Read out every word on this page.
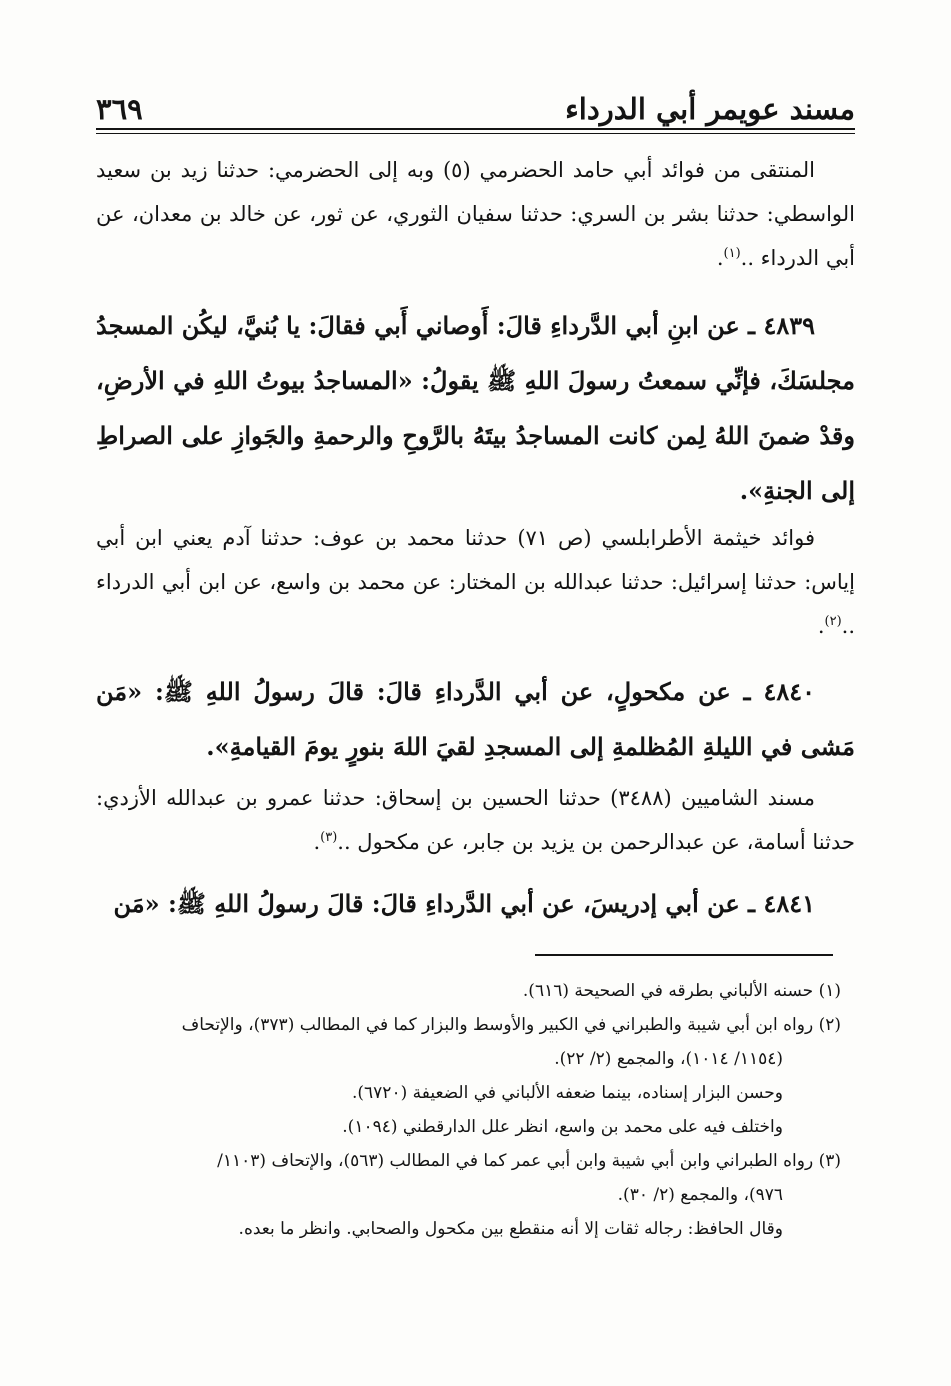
٣٦٩	مسند عويمر أبي الدرداء
المنتقى من فوائد أبي حامد الحضرمي (٥) وبه إلى الحضرمي: حدثنا زيد بن سعيد الواسطي: حدثنا بشر بن السري: حدثنا سفيان الثوري، عن ثور، عن خالد بن معدان، عن أبي الدرداء ..$^{(١)}$.
٤٨٣٩ ـ عن ابنِ أبي الدَّرداءِ قالَ: أَوصاني أَبي فقالَ: يا بُنيَّ، ليكُن المسجدُ مجلسَكَ، فإنِّي سمعتُ رسولَ اللهِ ﷺ يقولُ: «المساجدُ بيوتُ اللهِ في الأرضِ، وقدْ ضمنَ اللهُ لِمن كانت المساجدُ بيتَهُ بالرَّوحِ والرحمةِ والجَوازِ على الصراطِ إلى الجنةِ».
فوائد خيثمة الأطرابلسي (ص ٧١) حدثنا محمد بن عوف: حدثنا آدم يعني ابن أبي إياس: حدثنا إسرائيل: حدثنا عبدالله بن المختار: عن محمد بن واسع، عن ابن أبي الدرداء ..$^{(٢)}$.
٤٨٤٠ ـ عن مكحولٍ، عن أبي الدَّرداءِ قالَ: قالَ رسولُ اللهِ ﷺ: «مَن مَشى في الليلةِ المُظلمةِ إلى المسجدِ لقيَ اللهَ بنورٍ يومَ القيامةِ».
مسند الشاميين (٣٤٨٨) حدثنا الحسين بن إسحاق: حدثنا عمرو بن عبدالله الأزدي: حدثنا أسامة، عن عبدالرحمن بن يزيد بن جابر، عن مكحول ..$^{(٣)}$.
٤٨٤١ ـ عن أبي إدريسَ، عن أبي الدَّرداءِ قالَ: قالَ رسولُ اللهِ ﷺ: «مَن
(١) حسنه الألباني بطرقه في الصحيحة (٦١٦).
(٢) رواه ابن أبي شيبة والطبراني في الكبير والأوسط والبزار كما في المطالب (٣٧٣)، والإتحاف
(١١٥٤/ ١٠١٤)، والمجمع (٢/ ٢٢).
وحسن البزار إسناده، بينما ضعفه الألباني في الضعيفة (٦٧٢٠).
واختلف فيه على محمد بن واسع، انظر علل الدارقطني (١٠٩٤).
(٣) رواه الطبراني وابن أبي شيبة وابن أبي عمر كما في المطالب (٥٦٣)، والإتحاف (١١٠٣/
٩٧٦)، والمجمع (٢/ ٣٠).
وقال الحافظ: رجاله ثقات إلا أنه منقطع بين مكحول والصحابي. وانظر ما بعده.
